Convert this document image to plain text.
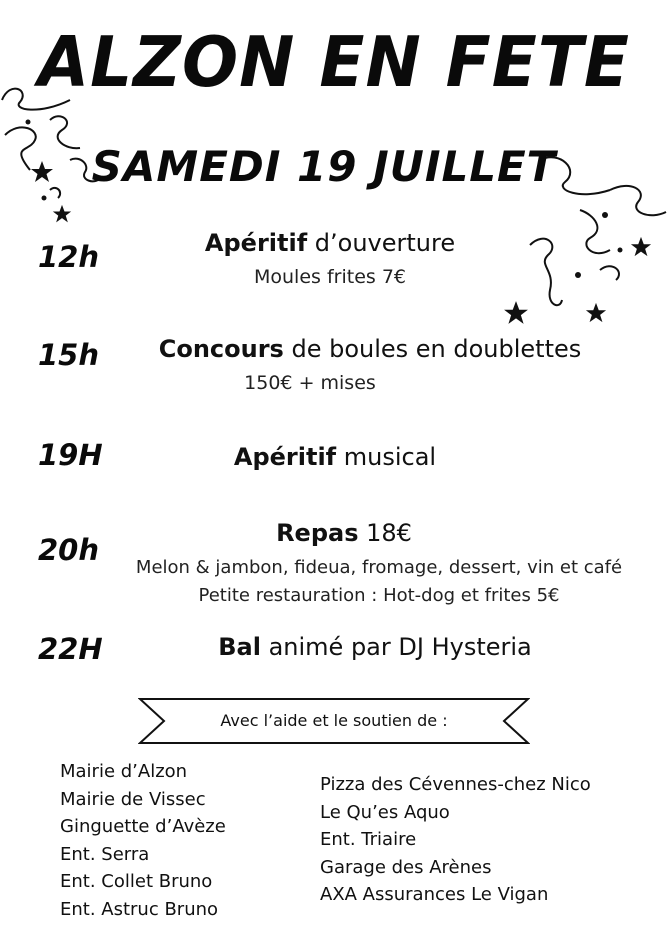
ALZON EN FETE
SAMEDI 19 JUILLET
12h	Apéritif d’ouverture
Moules frites 7€
15h	Concours de boules en doublettes
150€ + mises
19H	Apéritif musical
20h	Repas 18€
Melon & jambon, fideua, fromage, dessert, vin et café
Petite restauration : Hot-dog et frites 5€
22H	Bal animé par DJ Hysteria
Avec l’aide et le soutien de :
Mairie d’Alzon
Mairie de Vissec
Ginguette d’Avèze
Ent. Serra
Ent. Collet Bruno
Ent. Astruc Bruno
Pizza des Cévennes-chez Nico
Le Qu’es Aquo
Ent. Triaire
Garage des Arènes
AXA Assurances Le Vigan
